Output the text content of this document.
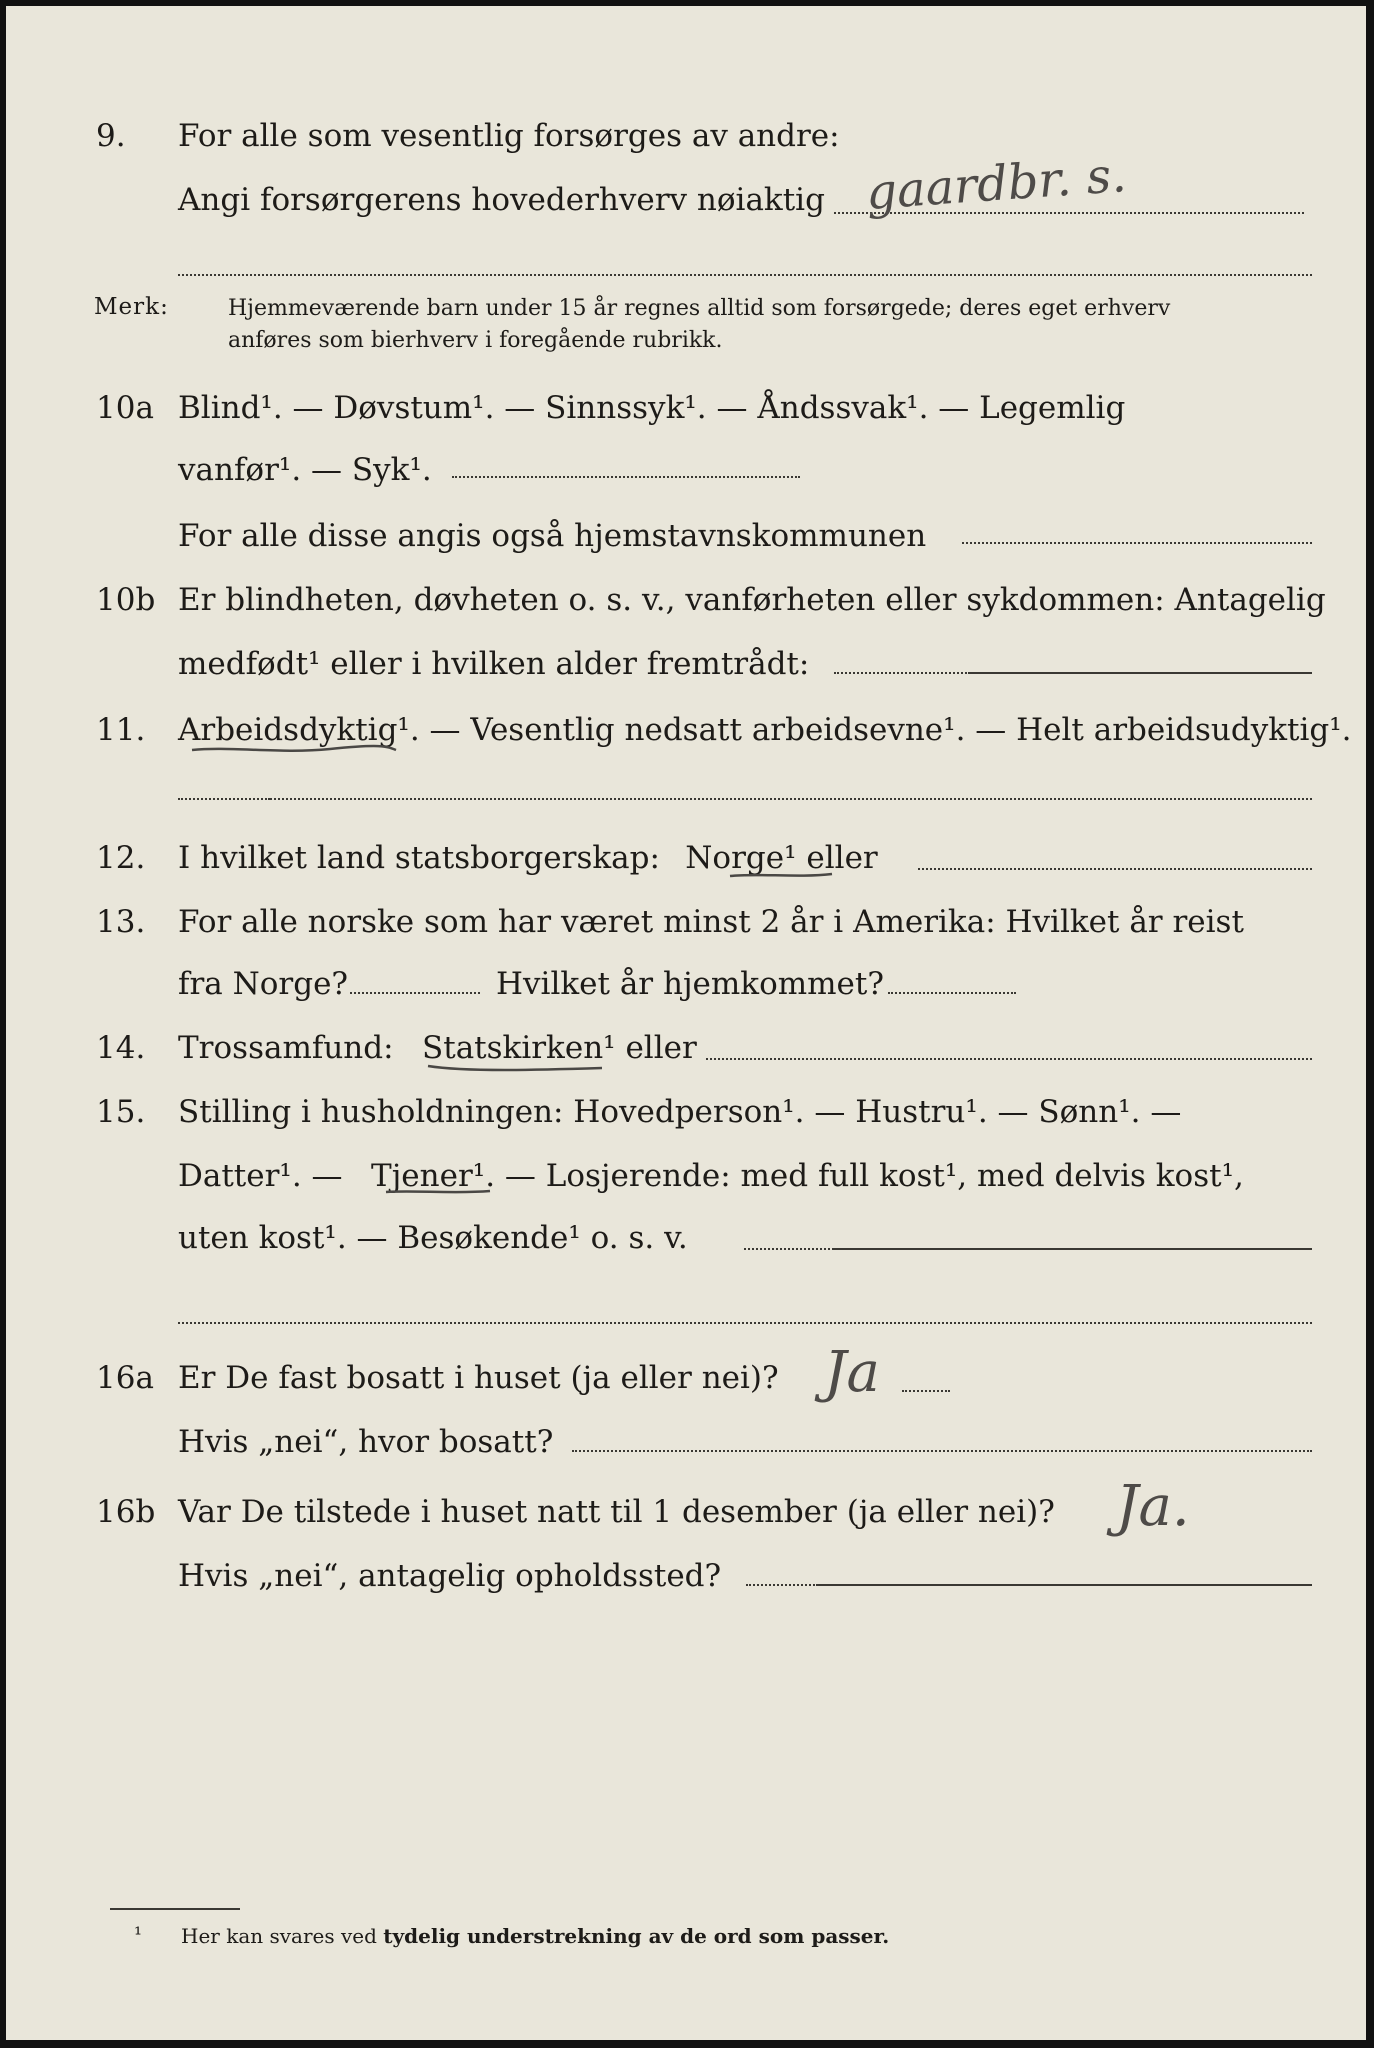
9. For alle som vesentlig forsørges av andre:
Angi forsørgerens hovederhverv nøiaktig gaardbr. s.
Merk:	Hjemmeværende barn under 15 år regnes alltid som forsørgede; deres eget erhverv
anføres som bierhverv i foregående rubrikk.
10a Blind¹. — Døvstum¹. — Sinnssyk¹. — Åndssvak¹. — Legemlig
vanfør¹. — Syk¹.
For alle disse angis også hjemstavnskommunen
10b Er blindheten, døvheten o. s. v., vanførheten eller sykdommen: Antagelig
medfødt¹ eller i hvilken alder fremtrådt:
11. Arbeidsdyktig¹. — Vesentlig nedsatt arbeidsevne¹. — Helt arbeidsudyktig¹.
12. I hvilket land statsborgerskap: Norge¹ eller
13. For alle norske som har været minst 2 år i Amerika: Hvilket år reist
fra Norge?	Hvilket år hjemkommet?
14. Trossamfund: Statskirken¹ eller
15. Stilling i husholdningen: Hovedperson¹. — Hustru¹. — Sønn¹. —
Datter¹. — Tjener¹. — Losjerende: med full kost¹, med delvis kost¹,
uten kost¹. — Besøkende¹ o. s. v.
16a Er De fast bosatt i huset (ja eller nei)? Ja
Hvis „nei“, hvor bosatt?
16b Var De tilstede i huset natt til 1 desember (ja eller nei)? Ja.
Hvis „nei“, antagelig opholdssted?
¹ Her kan svares ved tydelig understrekning av de ord som passer.
